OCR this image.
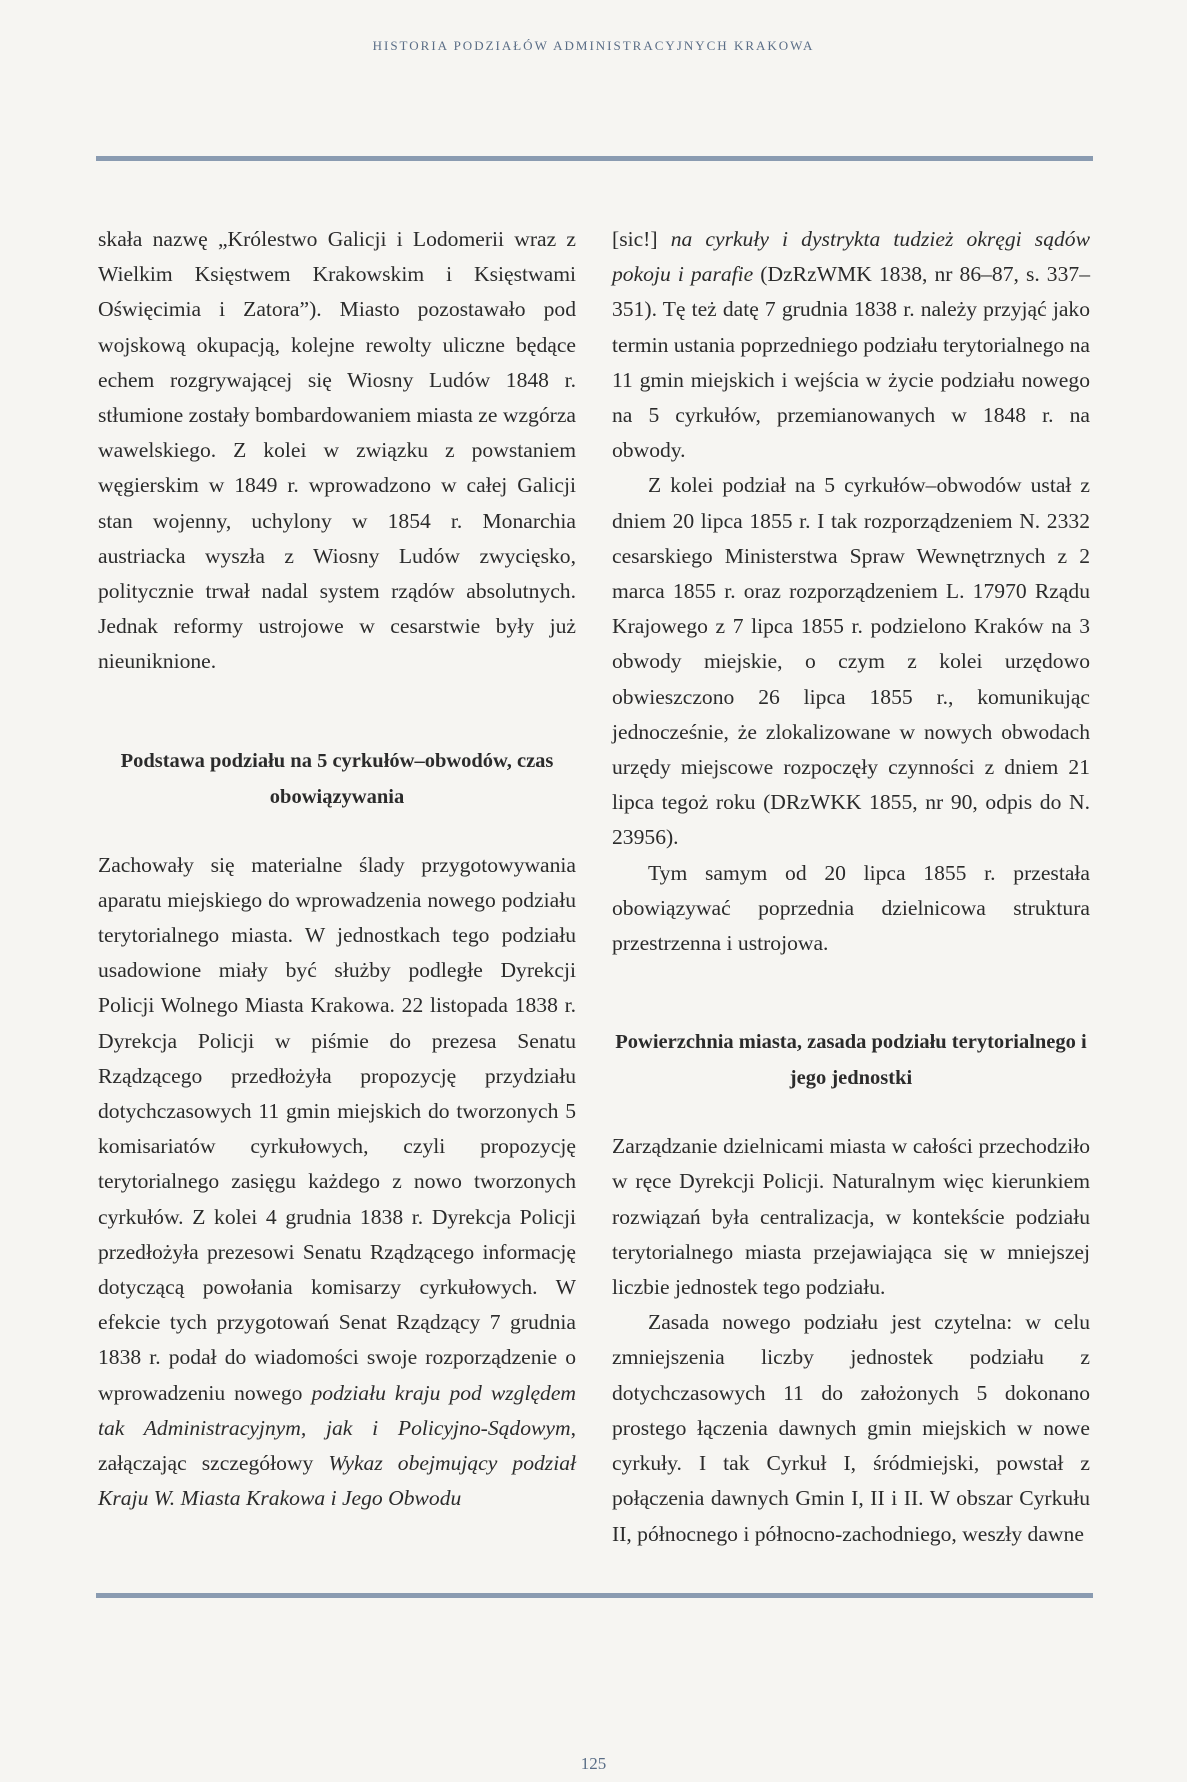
HISTORIA PODZIAŁÓW ADMINISTRACYJNYCH KRAKOWA

skała nazwę „Królestwo Galicji i Lodomerii wraz z Wielkim Księstwem Krakowskim i Księstwami Oświęcimia i Zatora”). Miasto pozostawało pod wojskową okupacją, kolejne rewolty uliczne będące echem rozgrywającej się Wiosny Ludów 1848 r. stłumione zostały bombardowaniem miasta ze wzgórza wawelskiego. Z kolei w związku z powstaniem węgierskim w 1849 r. wprowadzono w całej Galicji stan wojenny, uchylony w 1854 r. Monarchia austriacka wyszła z Wiosny Ludów zwycięsko, politycznie trwał nadal system rządów absolutnych. Jednak reformy ustrojowe w cesarstwie były już nieuniknione.

Podstawa podziału na 5 cyrkułów–obwodów, czas obowiązywania

Zachowały się materialne ślady przygotowywania aparatu miejskiego do wprowadzenia nowego podziału terytorialnego miasta. W jednostkach tego podziału usadowione miały być służby podległe Dyrekcji Policji Wolnego Miasta Krakowa. 22 listopada 1838 r. Dyrekcja Policji w piśmie do prezesa Senatu Rządzącego przedłożyła propozycję przydziału dotychczasowych 11 gmin miejskich do tworzonych 5 komisariatów cyrkułowych, czyli propozycję terytorialnego zasięgu każdego z nowo tworzonych cyrkułów. Z kolei 4 grudnia 1838 r. Dyrekcja Policji przedłożyła prezesowi Senatu Rządzącego informację dotyczącą powołania komisarzy cyrkułowych. W efekcie tych przygotowań Senat Rządzący 7 grudnia 1838 r. podał do wiadomości swoje rozporządzenie o wprowadzeniu nowego podziału kraju pod względem tak Administracyjnym, jak i Policyjno-Sądowym, załączając szczegółowy Wykaz obejmujący podział Kraju W. Miasta Krakowa i Jego Obwodu

[sic!] na cyrkuły i dystrykta tudzież okręgi sądów pokoju i parafie (DzRzWMK 1838, nr 86–87, s. 337–351). Tę też datę 7 grudnia 1838 r. należy przyjąć jako termin ustania poprzedniego podziału terytorialnego na 11 gmin miejskich i wejścia w życie podziału nowego na 5 cyrkułów, przemianowanych w 1848 r. na obwody.

Z kolei podział na 5 cyrkułów–obwodów ustał z dniem 20 lipca 1855 r. I tak rozporządzeniem N. 2332 cesarskiego Ministerstwa Spraw Wewnętrznych z 2 marca 1855 r. oraz rozporządzeniem L. 17970 Rządu Krajowego z 7 lipca 1855 r. podzielono Kraków na 3 obwody miejskie, o czym z kolei urzędowo obwieszczono 26 lipca 1855 r., komunikując jednocześnie, że zlokalizowane w nowych obwodach urzędy miejscowe rozpoczęły czynności z dniem 21 lipca tegoż roku (DRzWKK 1855, nr 90, odpis do N. 23956).

Tym samym od 20 lipca 1855 r. przestała obowiązywać poprzednia dzielnicowa struktura przestrzenna i ustrojowa.

Powierzchnia miasta, zasada podziału terytorialnego i jego jednostki

Zarządzanie dzielnicami miasta w całości przechodziło w ręce Dyrekcji Policji. Naturalnym więc kierunkiem rozwiązań była centralizacja, w kontekście podziału terytorialnego miasta przejawiająca się w mniejszej liczbie jednostek tego podziału.

Zasada nowego podziału jest czytelna: w celu zmniejszenia liczby jednostek podziału z dotychczasowych 11 do założonych 5 dokonano prostego łączenia dawnych gmin miejskich w nowe cyrkuły. I tak Cyrkuł I, śródmiejski, powstał z połączenia dawnych Gmin I, II i II. W obszar Cyrkułu II, północnego i północno-zachodniego, weszły dawne

125
